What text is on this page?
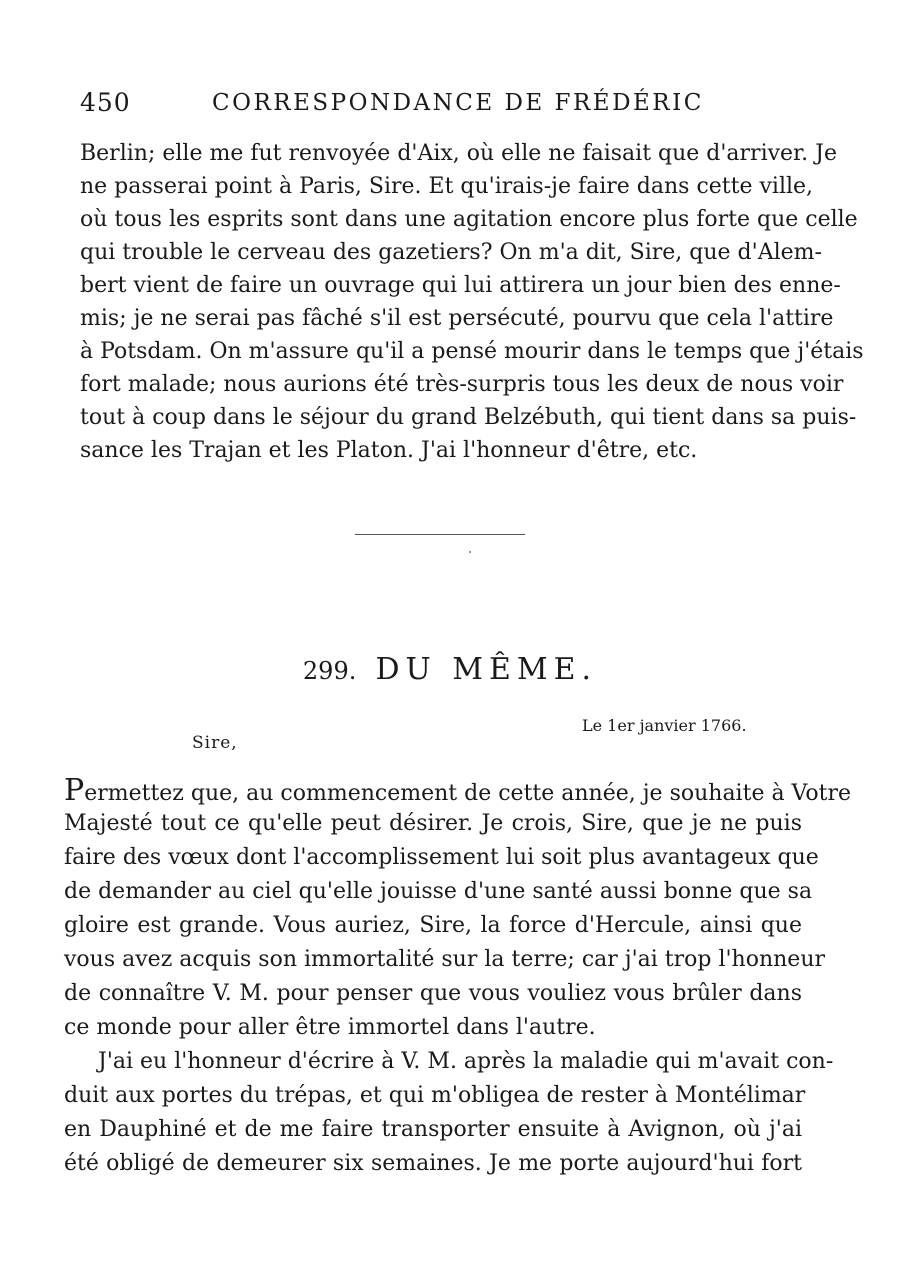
450	CORRESPONDANCE DE FRÉDÉRIC
Berlin; elle me fut renvoyée d'Aix, où elle ne faisait que d'arriver. Je
ne passerai point à Paris, Sire. Et qu'irais-je faire dans cette ville,
où tous les esprits sont dans une agitation encore plus forte que celle
qui trouble le cerveau des gazetiers? On m'a dit, Sire, que d'Alem-
bert vient de faire un ouvrage qui lui attirera un jour bien des enne-
mis; je ne serai pas fâché s'il est persécuté, pourvu que cela l'attire
à Potsdam. On m'assure qu'il a pensé mourir dans le temps que j'étais
fort malade; nous aurions été très-surpris tous les deux de nous voir
tout à coup dans le séjour du grand Belzébuth, qui tient dans sa puis-
sance les Trajan et les Platon. J'ai l'honneur d'être, etc.
299. DU MÊME.
Le 1er janvier 1766.
Sire,
Permettez que, au commencement de cette année, je souhaite à Votre
Majesté tout ce qu'elle peut désirer. Je crois, Sire, que je ne puis
faire des vœux dont l'accomplissement lui soit plus avantageux que
de demander au ciel qu'elle jouisse d'une santé aussi bonne que sa
gloire est grande. Vous auriez, Sire, la force d'Hercule, ainsi que
vous avez acquis son immortalité sur la terre; car j'ai trop l'honneur
de connaître V. M. pour penser que vous vouliez vous brûler dans
ce monde pour aller être immortel dans l'autre.
J'ai eu l'honneur d'écrire à V. M. après la maladie qui m'avait con-
duit aux portes du trépas, et qui m'obligea de rester à Montélimar
en Dauphiné et de me faire transporter ensuite à Avignon, où j'ai
été obligé de demeurer six semaines. Je me porte aujourd'hui fort
